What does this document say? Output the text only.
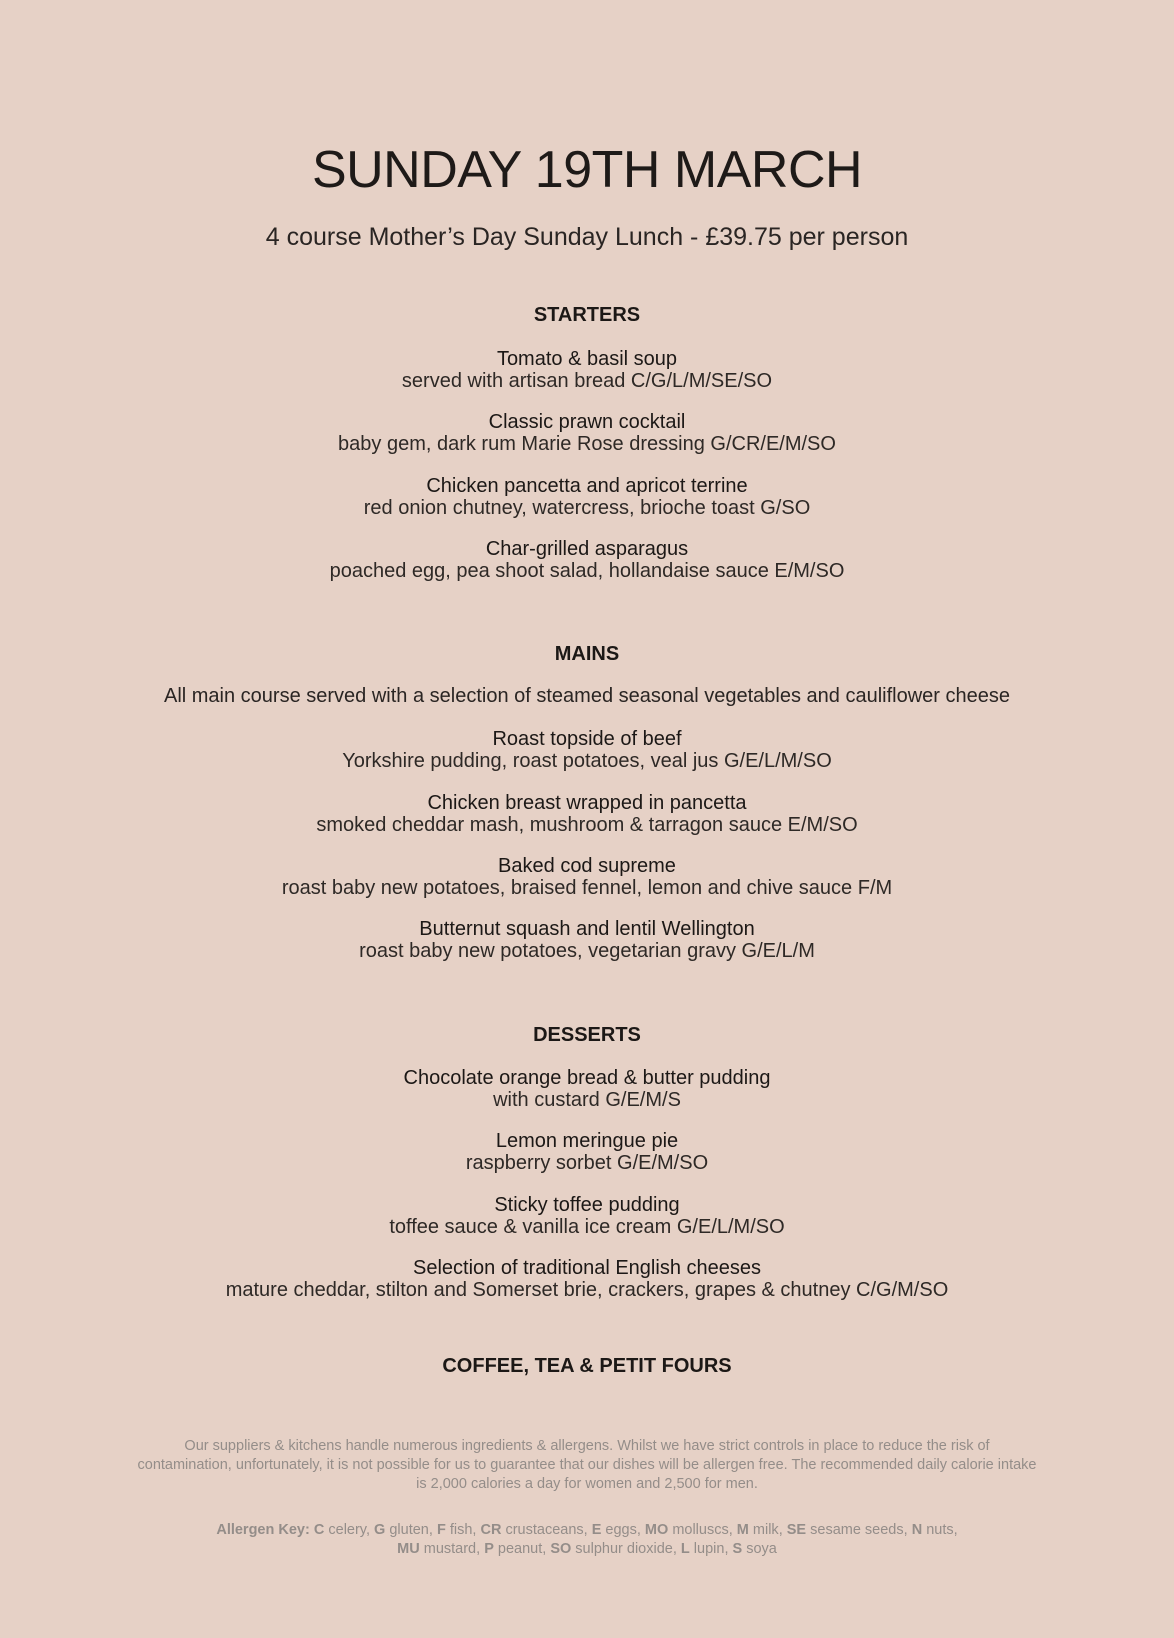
SUNDAY 19TH MARCH
4 course Mother’s Day Sunday Lunch - £39.75 per person
STARTERS
Tomato & basil soup
served with artisan bread C/G/L/M/SE/SO
Classic prawn cocktail
baby gem, dark rum Marie Rose dressing G/CR/E/M/SO
Chicken pancetta and apricot terrine
red onion chutney, watercress, brioche toast G/SO
Char-grilled asparagus
poached egg, pea shoot salad, hollandaise sauce E/M/SO
MAINS
All main course served with a selection of steamed seasonal vegetables and cauliflower cheese
Roast topside of beef
Yorkshire pudding, roast potatoes, veal jus G/E/L/M/SO
Chicken breast wrapped in pancetta
smoked cheddar mash, mushroom & tarragon sauce E/M/SO
Baked cod supreme
roast baby new potatoes, braised fennel, lemon and chive sauce F/M
Butternut squash and lentil Wellington
roast baby new potatoes, vegetarian gravy G/E/L/M
DESSERTS
Chocolate orange bread & butter pudding
with custard G/E/M/S
Lemon meringue pie
raspberry sorbet G/E/M/SO
Sticky toffee pudding
toffee sauce & vanilla ice cream G/E/L/M/SO
Selection of traditional English cheeses
mature cheddar, stilton and Somerset brie, crackers, grapes & chutney C/G/M/SO
COFFEE, TEA & PETIT FOURS
Our suppliers & kitchens handle numerous ingredients & allergens. Whilst we have strict controls in place to reduce the risk of contamination, unfortunately, it is not possible for us to guarantee that our dishes will be allergen free. The recommended daily calorie intake is 2,000 calories a day for women and 2,500 for men.
Allergen Key: C celery, G gluten, F fish, CR crustaceans, E eggs, MO molluscs, M milk, SE sesame seeds, N nuts,
MU mustard, P peanut, SO sulphur dioxide, L lupin, S soya
